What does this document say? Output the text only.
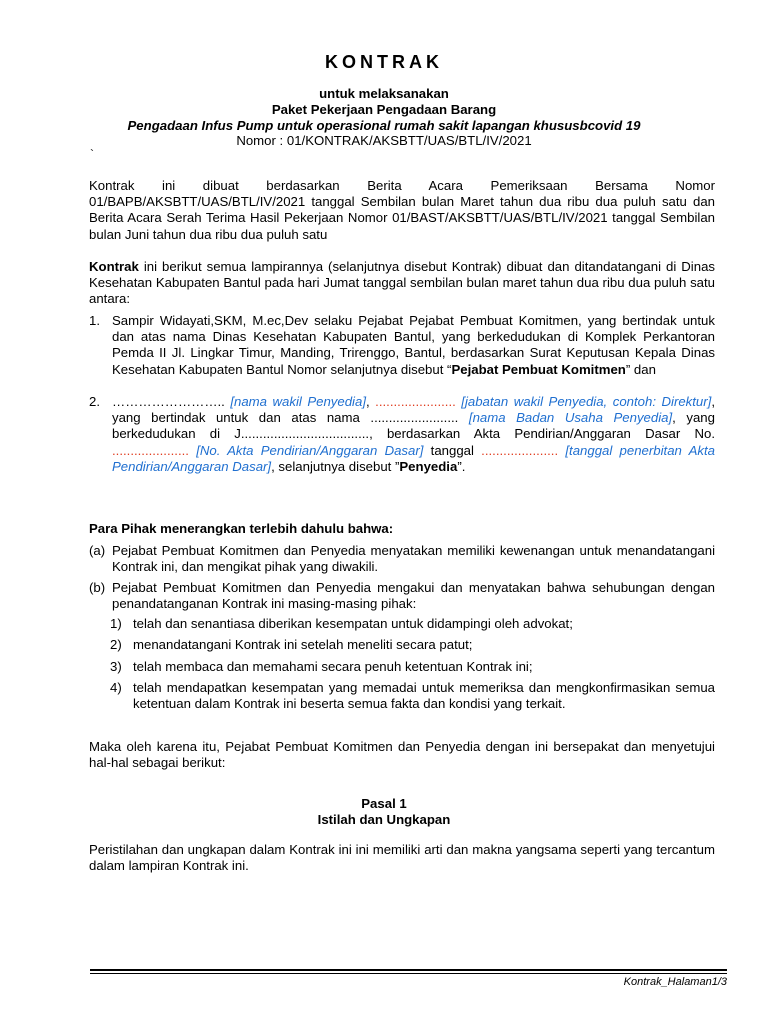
KONTRAK
untuk melaksanakan
Paket Pekerjaan Pengadaan Barang
Pengadaan Infus Pump untuk operasional rumah sakit lapangan khususbcovid 19
Nomor : 01/KONTRAK/AKSBTT/UAS/BTL/IV/2021
`
Kontrak ini dibuat berdasarkan Berita Acara Pemeriksaan Bersama Nomor 01/BAPB/AKSBTT/UAS/BTL/IV/2021 tanggal Sembilan bulan Maret tahun dua ribu dua puluh satu dan Berita Acara Serah Terima Hasil Pekerjaan Nomor 01/BAST/AKSBTT/UAS/BTL/IV/2021 tanggal Sembilan bulan Juni tahun dua ribu dua puluh satu
Kontrak ini berikut semua lampirannya (selanjutnya disebut Kontrak) dibuat dan ditandatangani di Dinas Kesehatan Kabupaten Bantul pada hari Jumat tanggal sembilan bulan maret tahun dua ribu dua puluh satu antara:
1. Sampir Widayati,SKM, M.ec,Dev selaku Pejabat Pejabat Pembuat Komitmen, yang bertindak untuk dan atas nama Dinas Kesehatan Kabupaten Bantul, yang berkedudukan di Komplek Perkantoran Pemda II Jl. Lingkar Timur, Manding, Trirenggo, Bantul, berdasarkan Surat Keputusan Kepala Dinas Kesehatan Kabupaten Bantul Nomor selanjutnya disebut “Pejabat Pembuat Komitmen” dan
2. …………………….. [nama wakil Penyedia], ...................... [jabatan wakil Penyedia, contoh: Direktur], yang bertindak untuk dan atas nama ........................ [nama Badan Usaha Penyedia], yang berkedudukan di J..................................., berdasarkan Akta Pendirian/Anggaran Dasar No. ..................... [No. Akta Pendirian/Anggaran Dasar] tanggal ..................... [tanggal penerbitan Akta Pendirian/Anggaran Dasar], selanjutnya disebut ”Penyedia”.
Para Pihak menerangkan terlebih dahulu bahwa:
(a) Pejabat Pembuat Komitmen dan Penyedia menyatakan memiliki kewenangan untuk menandatangani Kontrak ini, dan mengikat pihak yang diwakili.
(b) Pejabat Pembuat Komitmen dan Penyedia mengakui dan menyatakan bahwa sehubungan dengan penandatanganan Kontrak ini masing-masing pihak:
1) telah dan senantiasa diberikan kesempatan untuk didampingi oleh advokat;
2) menandatangani Kontrak ini setelah meneliti secara patut;
3) telah membaca dan memahami secara penuh ketentuan Kontrak ini;
4) telah mendapatkan kesempatan yang memadai untuk memeriksa dan mengkonfirmasikan semua ketentuan dalam Kontrak ini beserta semua fakta dan kondisi yang terkait.
Maka oleh karena itu, Pejabat Pembuat Komitmen dan Penyedia dengan ini bersepakat dan menyetujui hal-hal sebagai berikut:
Pasal 1
Istilah dan Ungkapan
Peristilahan dan ungkapan dalam Kontrak ini ini memiliki arti dan makna yangsama seperti yang tercantum dalam lampiran Kontrak ini.
Kontrak_Halaman1/3
